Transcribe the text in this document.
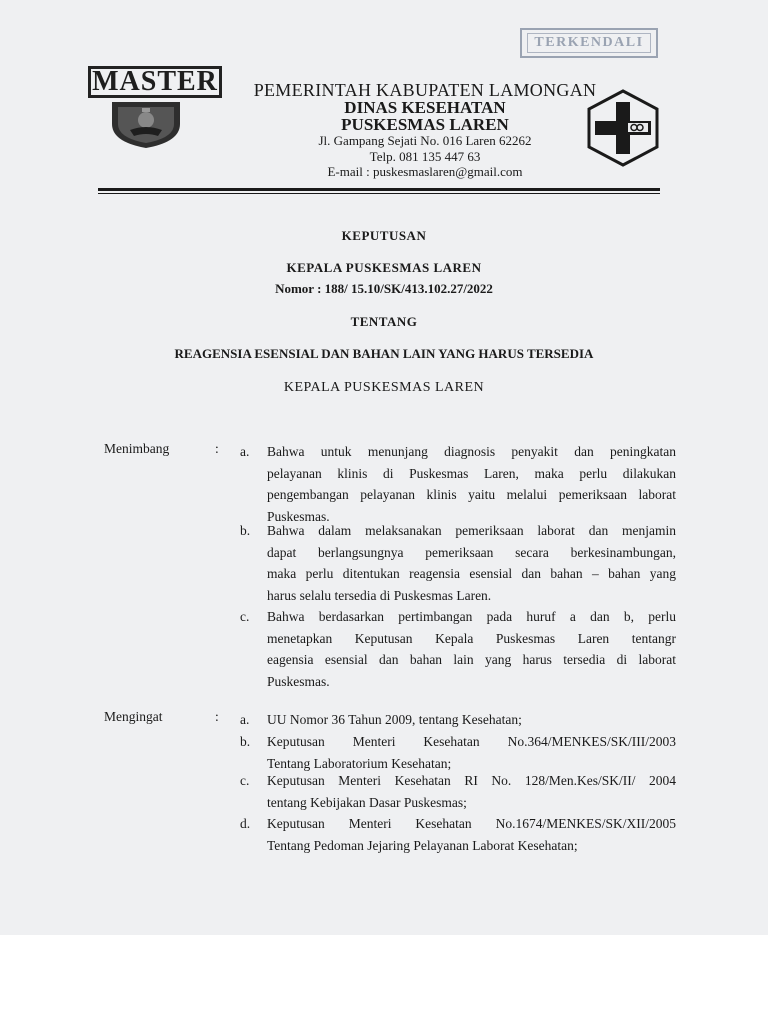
TERKENDALI
MASTER	PEMERINTAH KABUPATEN LAMONGAN
DINAS KESEHATAN
PUSKESMAS LAREN
Jl. Gampang Sejati No. 016 Laren 62262
Telp. 081 135 447 63
E-mail : puskesmaslaren@gmail.com
KEPUTUSAN
KEPALA PUSKESMAS LAREN
Nomor : 188/ 15.10/SK/413.102.27/2022
TENTANG
REAGENSIA ESENSIAL DAN BAHAN LAIN YANG HARUS TERSEDIA
KEPALA PUSKESMAS LAREN
Menimbang	: a. Bahwa untuk menunjang diagnosis penyakit dan peningkatan
pelayanan klinis di Puskesmas Laren, maka perlu dilakukan
pengembangan pelayanan klinis yaitu melalui pemeriksaan laborat
Puskesmas.
b. Bahwa dalam melaksanakan pemeriksaan laborat dan menjamin
dapat berlangsungnya pemeriksaan secara berkesinambungan,
maka perlu ditentukan reagensia esensial dan bahan – bahan yang
harus selalu tersedia di Puskesmas Laren.
c. Bahwa berdasarkan pertimbangan pada huruf a dan b, perlu
menetapkan Keputusan Kepala Puskesmas Laren tentangr
eagensia esensial dan bahan lain yang harus tersedia di laborat
Puskesmas.
Mengingat	: a. UU Nomor 36 Tahun 2009, tentang Kesehatan;
b. Keputusan Menteri Kesehatan No.364/MENKES/SK/III/2003
Tentang Laboratorium Kesehatan;
c. Keputusan Menteri Kesehatan RI No. 128/Men.Kes/SK/II/ 2004
tentang Kebijakan Dasar Puskesmas;
d. Keputusan Menteri Kesehatan No.1674/MENKES/SK/XII/2005
Tentang Pedoman Jejaring Pelayanan Laborat Kesehatan;
